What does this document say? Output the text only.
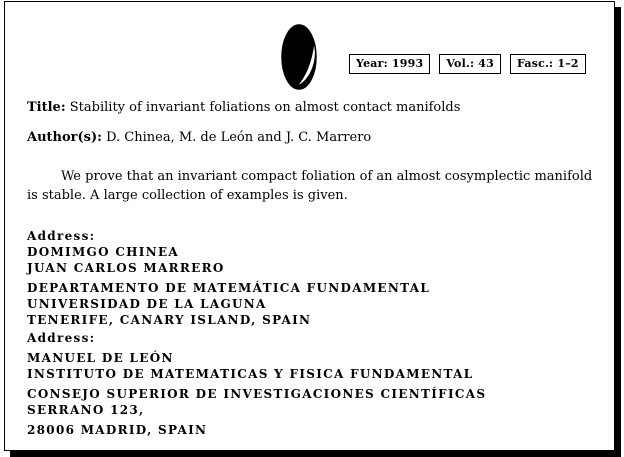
Year: 1993	Vol.: 43	Fasc.: 1–2
Title: Stability of invariant foliations on almost contact manifolds
Author(s): D. Chinea, M. de León and J. C. Marrero
We prove that an invariant compact foliation of an almost cosymplectic manifold is stable. A large collection of examples is given.
Address:
DOMIMGO CHINEA
JUAN CARLOS MARRERO
DEPARTAMENTO DE MATEMÁTICA FUNDAMENTAL
UNIVERSIDAD DE LA LAGUNA
TENERIFE, CANARY ISLAND, SPAIN
Address:
MANUEL DE LEÓN
INSTITUTO DE MATEMATICAS Y FISICA FUNDAMENTAL
CONSEJO SUPERIOR DE INVESTIGACIONES CIENTÍFICAS
SERRANO 123,
28006 MADRID, SPAIN
